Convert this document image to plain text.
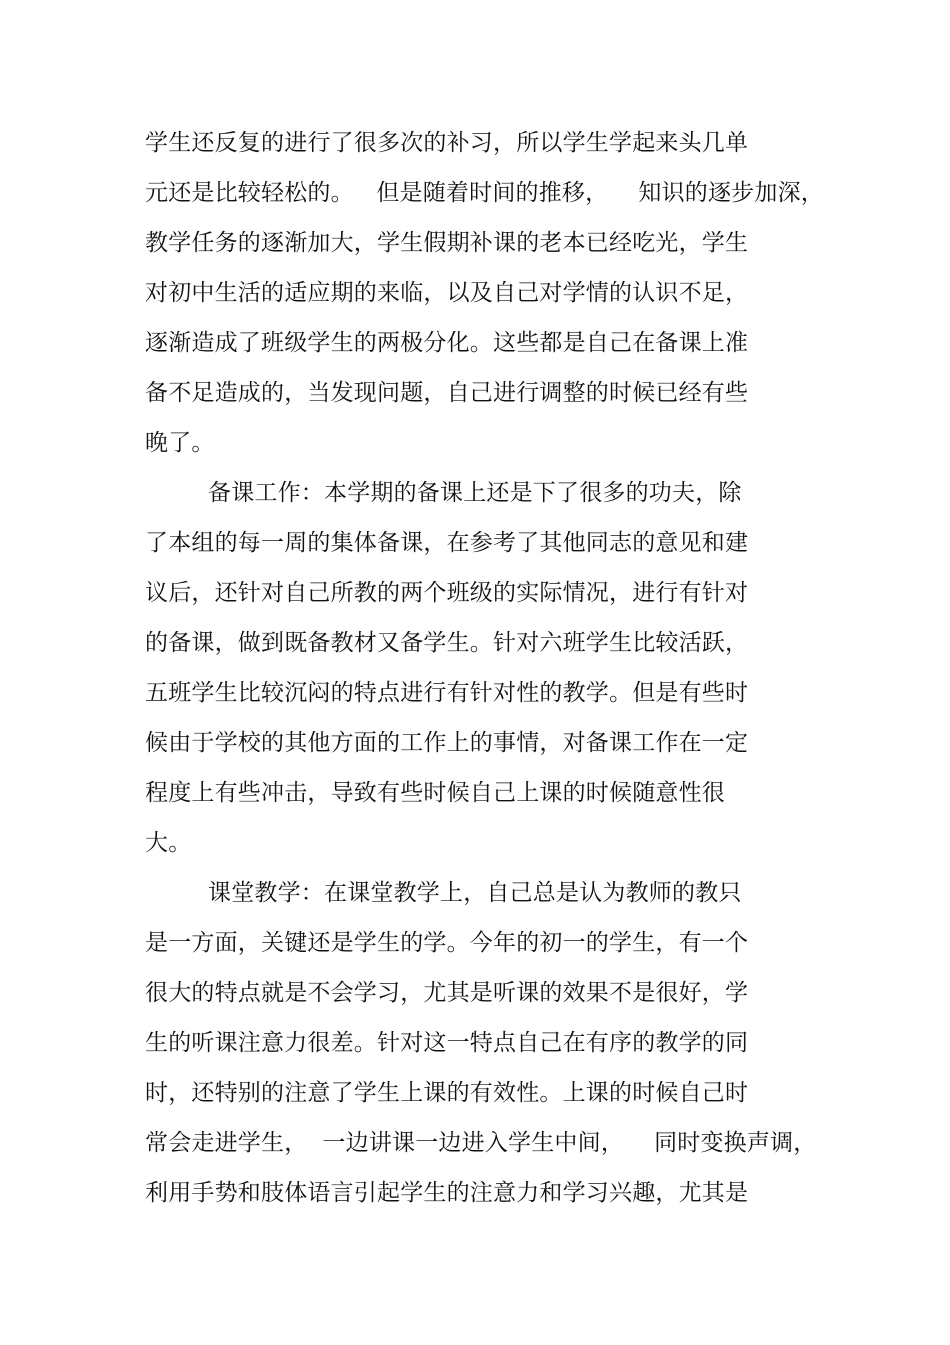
学生还反复的进行了很多次的补习，所以学生学起来头几单
元还是比较轻松的。   但是随着时间的推移，    知识的逐步加深，
教学任务的逐渐加大，学生假期补课的老本已经吃光，学生
对初中生活的适应期的来临，以及自己对学情的认识不足，
逐渐造成了班级学生的两极分化。这些都是自己在备课上准
备不足造成的，当发现问题，自己进行调整的时候已经有些
晚了。
备课工作：本学期的备课上还是下了很多的功夫，除
了本组的每一周的集体备课，在参考了其他同志的意见和建
议后，还针对自己所教的两个班级的实际情况，进行有针对
的备课，做到既备教材又备学生。针对六班学生比较活跃，
五班学生比较沉闷的特点进行有针对性的教学。但是有些时
候由于学校的其他方面的工作上的事情，对备课工作在一定
程度上有些冲击，导致有些时候自己上课的时候随意性很
大。
课堂教学：在课堂教学上，自己总是认为教师的教只
是一方面，关键还是学生的学。今年的初一的学生，有一个
很大的特点就是不会学习，尤其是听课的效果不是很好，学
生的听课注意力很差。针对这一特点自己在有序的教学的同
时，还特别的注意了学生上课的有效性。上课的时候自己时
常会走进学生，  一边讲课一边进入学生中间，    同时变换声调，
利用手势和肢体语言引起学生的注意力和学习兴趣，尤其是
